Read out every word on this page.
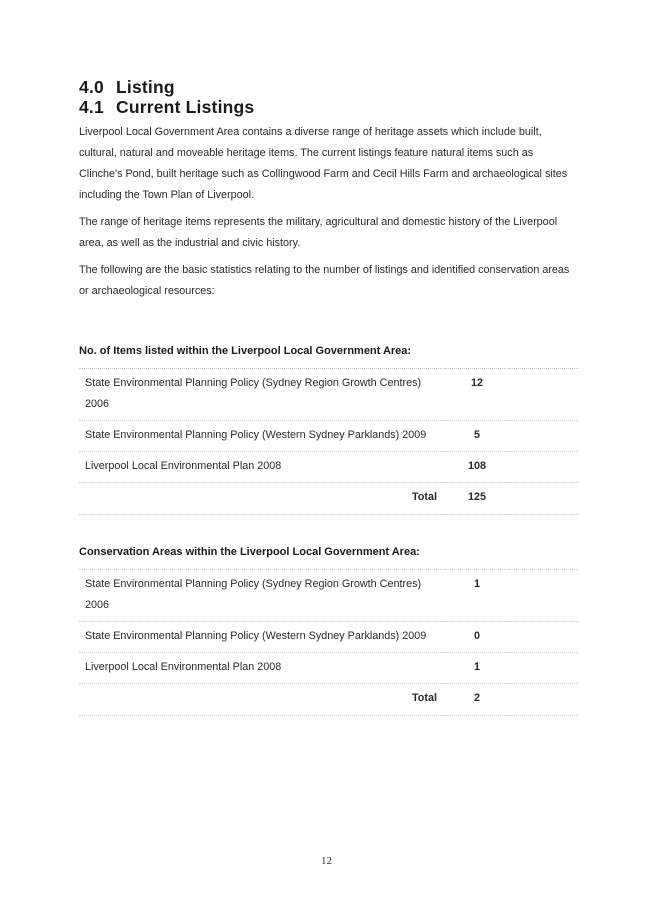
4.0 Listing
4.1 Current Listings

Liverpool Local Government Area contains a diverse range of heritage assets which include built, cultural, natural and moveable heritage items. The current listings feature natural items such as Clinche's Pond, built heritage such as Collingwood Farm and Cecil Hills Farm and archaeological sites including the Town Plan of Liverpool.

The range of heritage items represents the military, agricultural and domestic history of the Liverpool area, as well as the industrial and civic history.

The following are the basic statistics relating to the number of listings and identified conservation areas or archaeological resources:

No. of Items listed within the Liverpool Local Government Area:

State Environmental Planning Policy (Sydney Region Growth Centres) 2006	12	
State Environmental Planning Policy (Western Sydney Parklands) 2009	5	
Liverpool Local Environmental Plan 2008	108	
Total	125	

Conservation Areas within the Liverpool Local Government Area:

State Environmental Planning Policy (Sydney Region Growth Centres) 2006	1	
State Environmental Planning Policy (Western Sydney Parklands) 2009	0	
Liverpool Local Environmental Plan 2008	1	
Total	2	
12
